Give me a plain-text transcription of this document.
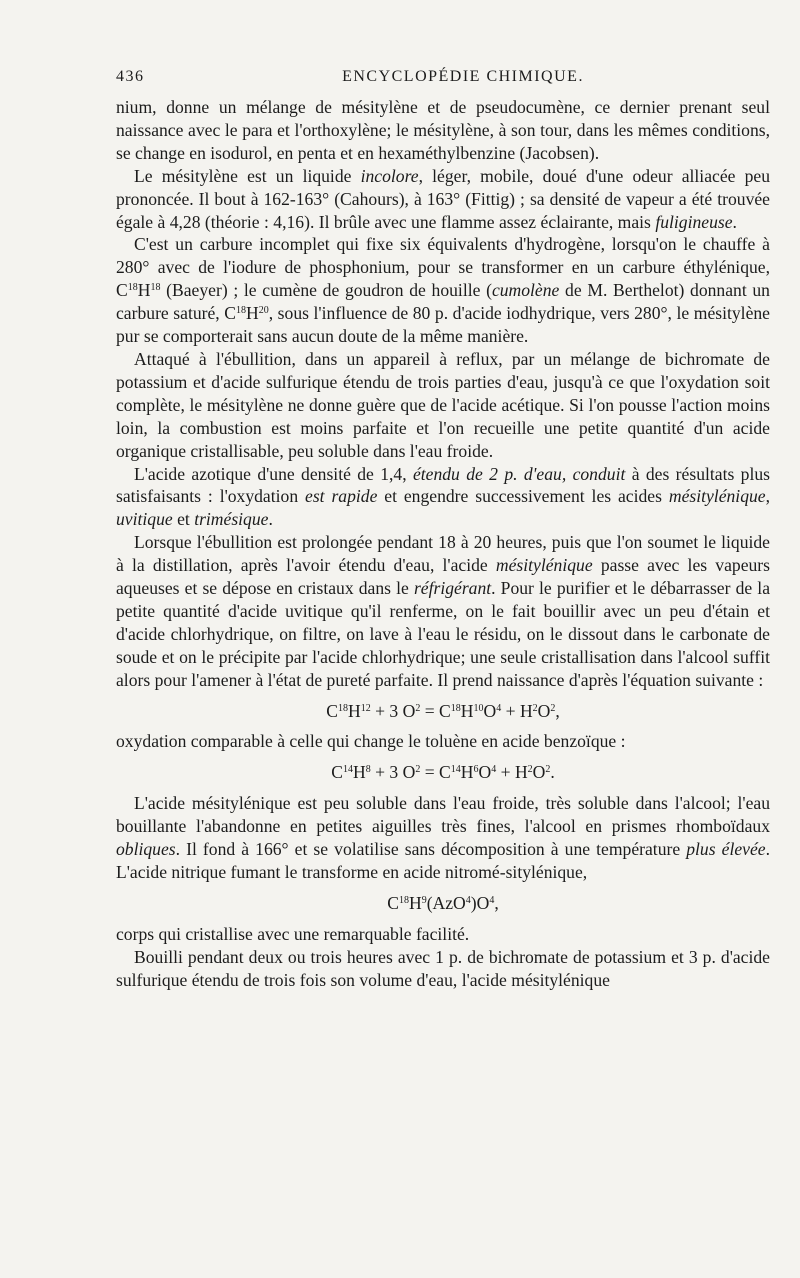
436	ENCYCLOPÉDIE CHIMIQUE.

nium, donne un mélange de mésitylène et de pseudocumène, ce dernier prenant seul naissance avec le para et l'orthoxylène; le mésitylène, à son tour, dans les mêmes conditions, se change en isodurol, en penta et en hexaméthylbenzine (Jacobsen).

Le mésitylène est un liquide incolore, léger, mobile, doué d'une odeur alliacée peu prononcée. Il bout à 162-163° (Cahours), à 163° (Fittig) ; sa densité de vapeur a été trouvée égale à 4,28 (théorie : 4,16). Il brûle avec une flamme assez éclairante, mais fuligineuse.

C'est un carbure incomplet qui fixe six équivalents d'hydrogène, lorsqu'on le chauffe à 280° avec de l'iodure de phosphonium, pour se transformer en un carbure éthylénique, $C^{18}H^{18}$ (Baeyer) ; le cumène de goudron de houille (cumolène de M. Berthelot) donnant un carbure saturé, $C^{18}H^{20}$, sous l'influence de 80 p. d'acide iodhydrique, vers 280°, le mésitylène pur se comporterait sans aucun doute de la même manière.

Attaqué à l'ébullition, dans un appareil à reflux, par un mélange de bichromate de potassium et d'acide sulfurique étendu de trois parties d'eau, jusqu'à ce que l'oxydation soit complète, le mésitylène ne donne guère que de l'acide acétique. Si l'on pousse l'action moins loin, la combustion est moins parfaite et l'on recueille une petite quantité d'un acide organique cristallisable, peu soluble dans l'eau froide.

L'acide azotique d'une densité de 1,4, étendu de 2 p. d'eau, conduit à des résultats plus satisfaisants : l'oxydation est rapide et engendre successivement les acides mésitylénique, uvitique et trimésique.

Lorsque l'ébullition est prolongée pendant 18 à 20 heures, puis que l'on soumet le liquide à la distillation, après l'avoir étendu d'eau, l'acide mésitylénique passe avec les vapeurs aqueuses et se dépose en cristaux dans le réfrigérant. Pour le purifier et le débarrasser de la petite quantité d'acide uvitique qu'il renferme, on le fait bouillir avec un peu d'étain et d'acide chlorhydrique, on filtre, on lave à l'eau le résidu, on le dissout dans le carbonate de soude et on le précipite par l'acide chlorhydrique; une seule cristallisation dans l'alcool suffit alors pour l'amener à l'état de pureté parfaite. Il prend naissance d'après l'équation suivante :

$C^{18}H^{12} + 3$ $O^2 = C^{18}H^{10}O^4 + H^2O^2$,

oxydation comparable à celle qui change le toluène en acide benzoïque :

$C^{14}H^8 + 3$ $O^2 = C^{14}H^6O^4 + H^2O^2$.

L'acide mésitylénique est peu soluble dans l'eau froide, très soluble dans l'alcool; l'eau bouillante l'abandonne en petites aiguilles très fines, l'alcool en prismes rhomboïdaux obliques. Il fond à 166° et se volatilise sans décomposition à une température plus élevée. L'acide nitrique fumant le transforme en acide nitromé-sitylénique,

$C^{18}H^9(AzO^4)O^4$,

corps qui cristallise avec une remarquable facilité.

Bouilli pendant deux ou trois heures avec 1 p. de bichromate de potassium et 3 p. d'acide sulfurique étendu de trois fois son volume d'eau, l'acide mésitylénique
